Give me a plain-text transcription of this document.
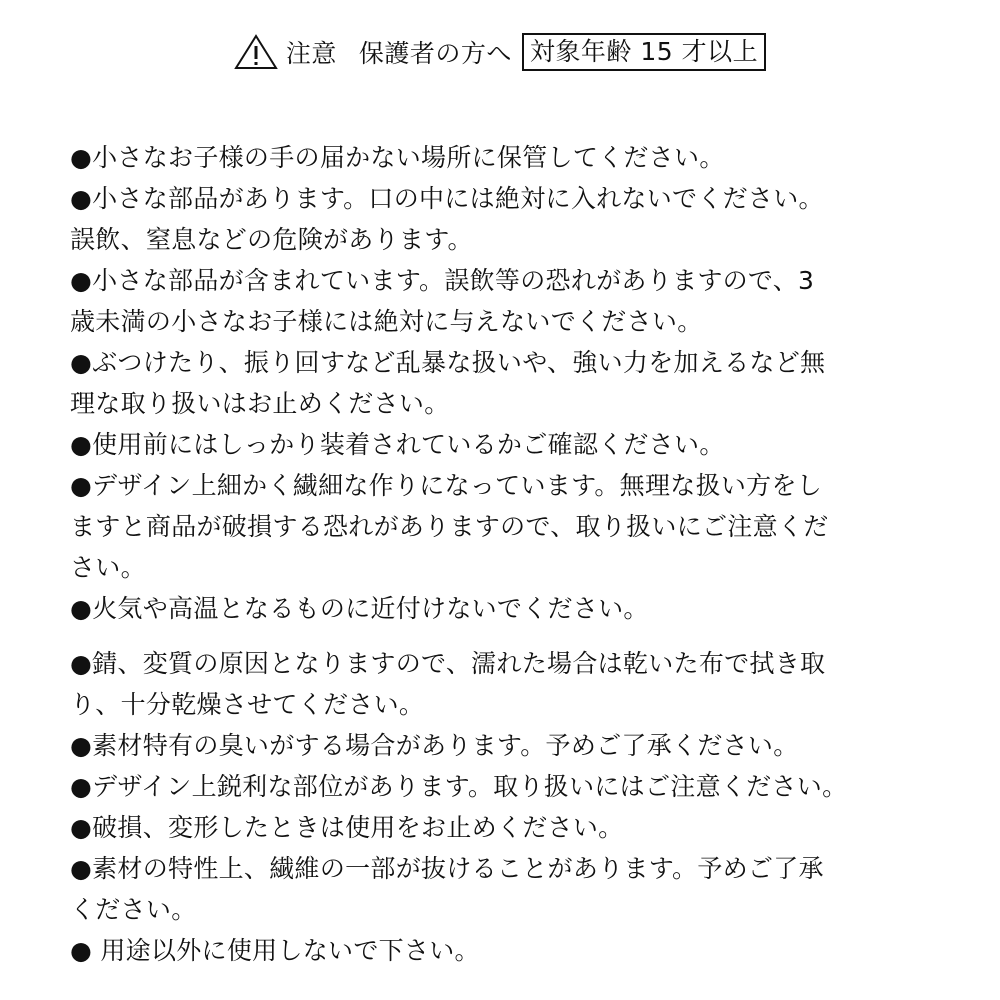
注意 保護者の方へ 対象年齢 15 才以上
●小さなお子様の手の届かない場所に保管してください。
●小さな部品があります。口の中には絶対に入れないでください。
誤飲、窒息などの危険があります。
●小さな部品が含まれています。誤飲等の恐れがありますので、3
歳未満の小さなお子様には絶対に与えないでください。
●ぶつけたり、振り回すなど乱暴な扱いや、強い力を加えるなど無
理な取り扱いはお止めください。
●使用前にはしっかり装着されているかご確認ください。
●デザイン上細かく繊細な作りになっています。無理な扱い方をし
ますと商品が破損する恐れがありますので、取り扱いにご注意くだ
さい。
●火気や高温となるものに近付けないでください。
●錆、変質の原因となりますので、濡れた場合は乾いた布で拭き取
り、十分乾燥させてください。
●素材特有の臭いがする場合があります。予めご了承ください。
●デザイン上鋭利な部位があります。取り扱いにはご注意ください。
●破損、変形したときは使用をお止めください。
●素材の特性上、繊維の一部が抜けることがあります。予めご了承
ください。
● 用途以外に使用しないで下さい。
